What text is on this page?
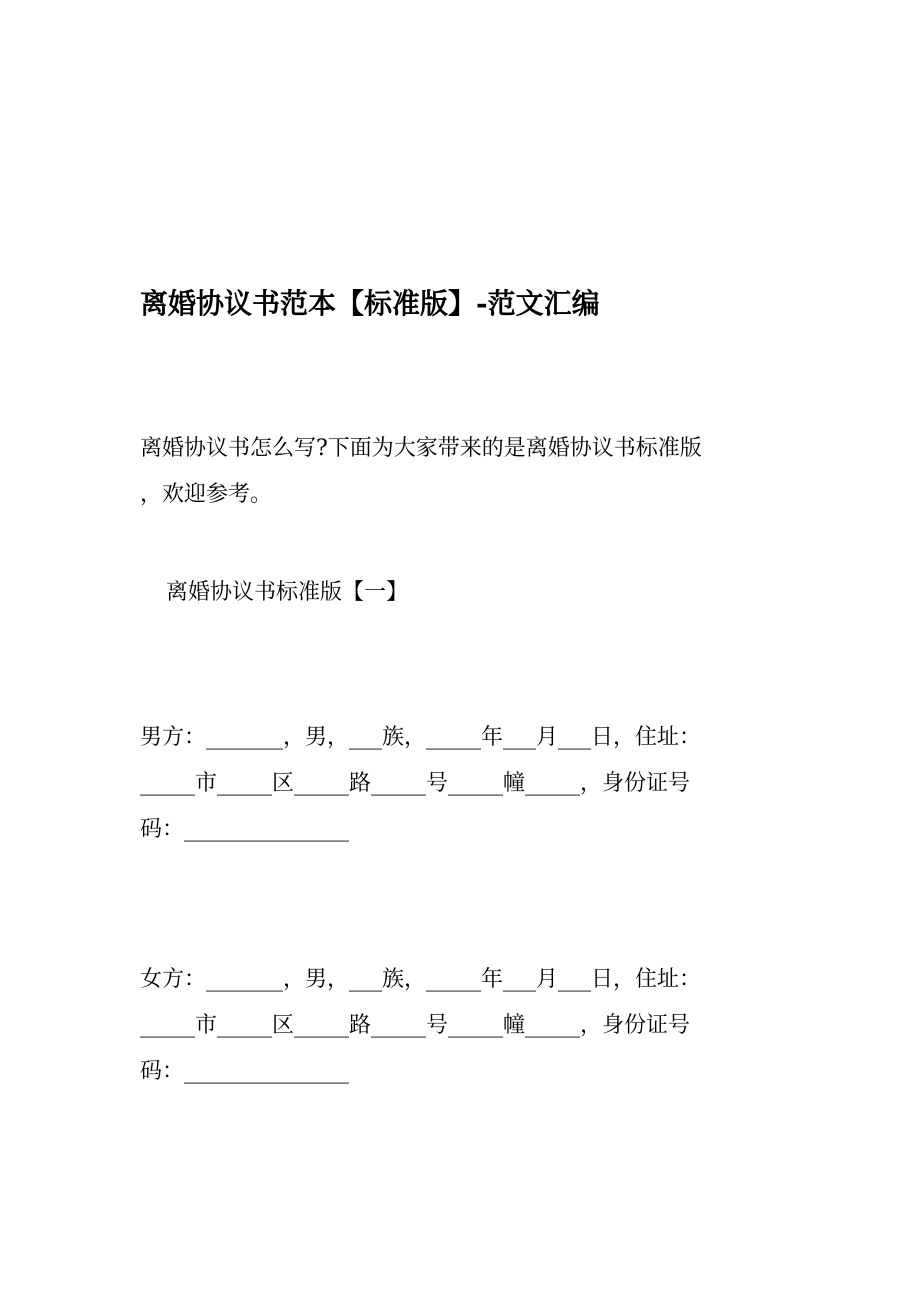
离婚协议书范本【标准版】-范文汇编
离婚协议书怎么写?下面为大家带来的是离婚协议书标准版
，欢迎参考。
离婚协议书标准版【一】
男方：_______，男，___族，_____年___月___日，住址：
_____市_____区_____路_____号_____幢_____，身份证号
码：_______________
女方：_______，男，___族，_____年___月___日，住址：
_____市_____区_____路_____号_____幢_____，身份证号
码：_______________
